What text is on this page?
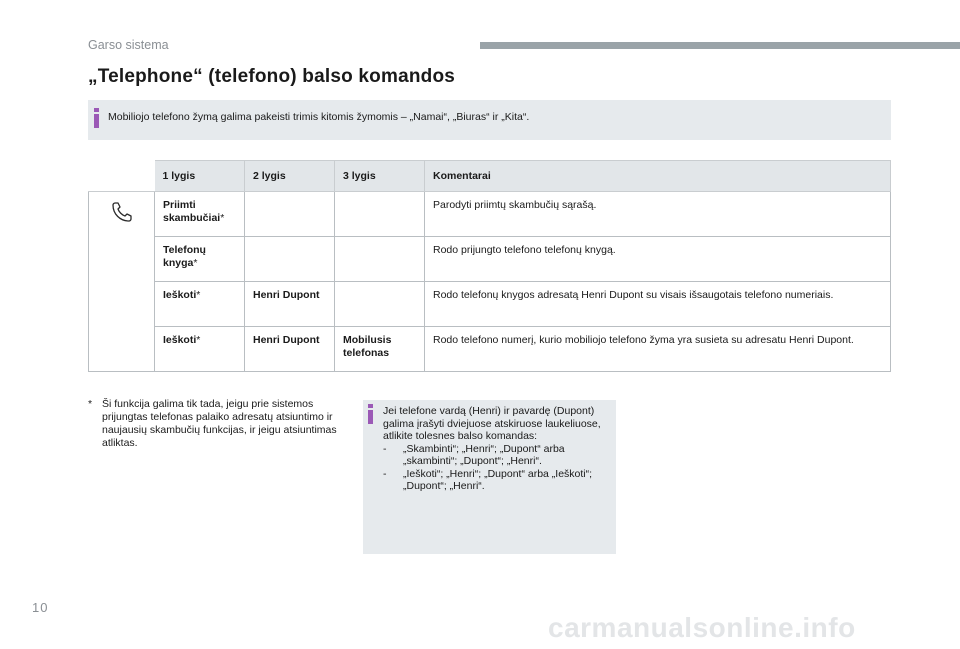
Garso sistema
„Telephone“ (telefono) balso komandos
Mobiliojo telefono žymą galima pakeisti trimis kitomis žymomis – „Namai“, „Biuras“ ir „Kita“.
	1 lygis	2 lygis	3 lygis	Komentarai

	Priimti skambučiai*			Parodyti priimtų skambučių sąrašą.
	Telefonų knyga*			Rodo prijungto telefono telefonų knygą.
	Ieškoti*	Henri Dupont		Rodo telefonų knygos adresatą Henri Dupont su visais išsaugotais telefono numeriais.
	Ieškoti*	Henri Dupont	Mobilusis telefonas	Rodo telefono numerį, kurio mobiliojo telefono žyma yra susieta su adresatu Henri Dupont.
* Ši funkcija galima tik tada, jeigu prie sistemos prijungtas telefonas palaiko adresatų atsiuntimo ir naujausių skambučių funkcijas, ir jeigu atsiuntimas atliktas.
Jei telefone vardą (Henri) ir pavardę (Dupont) galima įrašyti dviejuose atskiruose laukeliuose, atlikite tolesnes balso komandas:
- „Skambinti“; „Henri“; „Dupont“ arba „skambinti“; „Dupont“; „Henri“.
- „Ieškoti“; „Henri“; „Dupont“ arba „Ieškoti“; „Dupont“; „Henri“.
10
carmanualsonline.info
